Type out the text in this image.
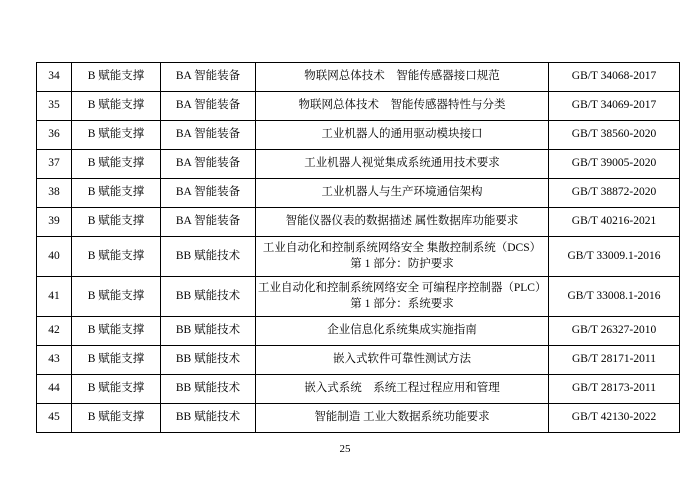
34	B 赋能支撑	BA 智能装备	物联网总体技术　智能传感器接口规范	GB/T 34068-2017
35	B 赋能支撑	BA 智能装备	物联网总体技术　智能传感器特性与分类	GB/T 34069-2017
36	B 赋能支撑	BA 智能装备	工业机器人的通用驱动模块接口	GB/T 38560-2020
37	B 赋能支撑	BA 智能装备	工业机器人视觉集成系统通用技术要求	GB/T 39005-2020
38	B 赋能支撑	BA 智能装备	工业机器人与生产环境通信架构	GB/T 38872-2020
39	B 赋能支撑	BA 智能装备	智能仪器仪表的数据描述 属性数据库功能要求	GB/T 40216-2021
40	B 赋能支撑	BB 赋能技术	工业自动化和控制系统网络安全 集散控制系统（DCS）
第 1 部分：防护要求	GB/T 33009.1-2016
41	B 赋能支撑	BB 赋能技术	工业自动化和控制系统网络安全 可编程序控制器（PLC）
第 1 部分：系统要求	GB/T 33008.1-2016
42	B 赋能支撑	BB 赋能技术	企业信息化系统集成实施指南	GB/T 26327-2010
43	B 赋能支撑	BB 赋能技术	嵌入式软件可靠性测试方法	GB/T 28171-2011
44	B 赋能支撑	BB 赋能技术	嵌入式系统　系统工程过程应用和管理	GB/T 28173-2011
45	B 赋能支撑	BB 赋能技术	智能制造 工业大数据系统功能要求	GB/T 42130-2022
25
